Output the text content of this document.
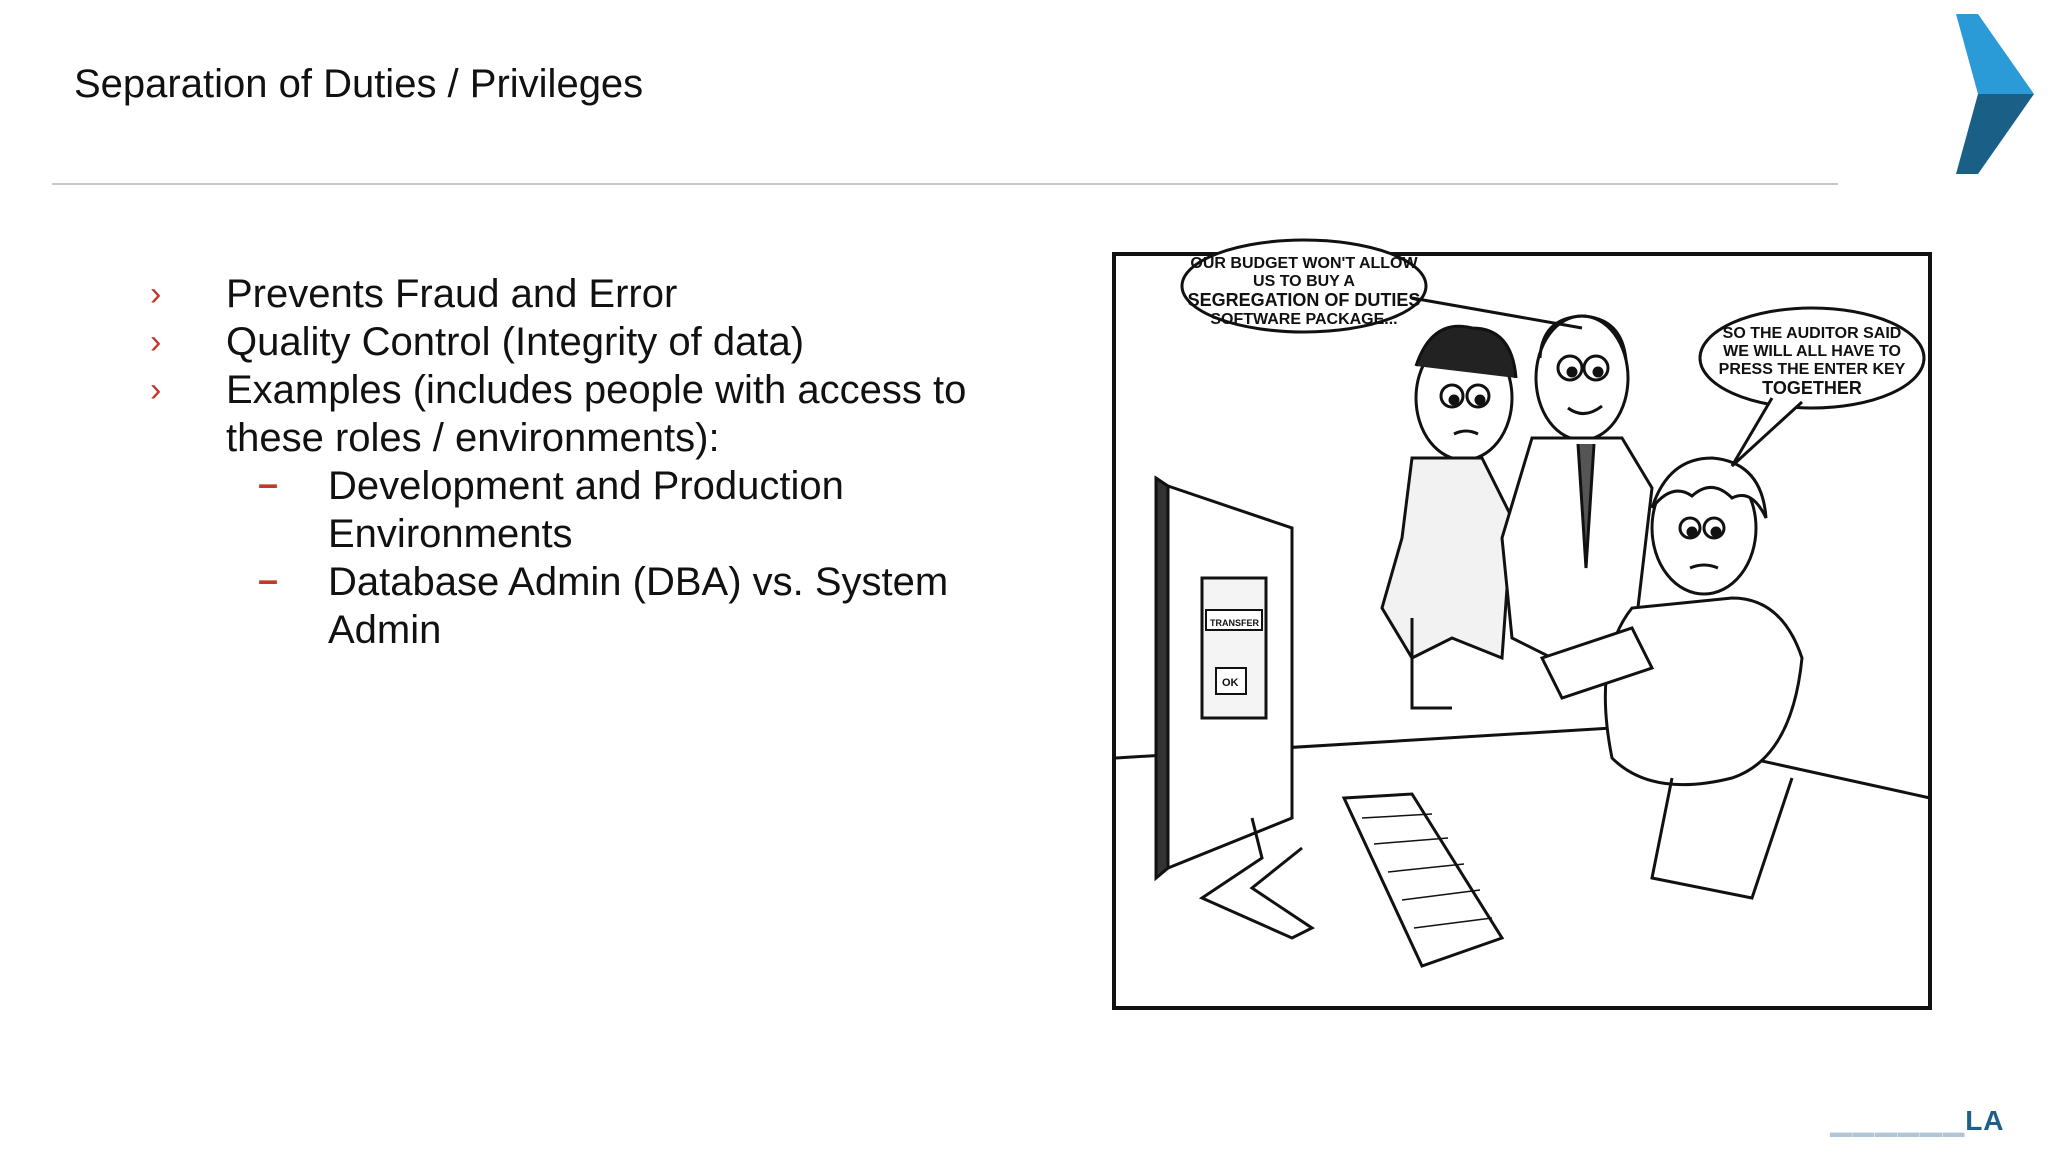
Separation of Duties / Privileges
› Prevents Fraud and Error
› Quality Control (Integrity of data)
› Examples (includes people with access to these roles / environments):
– Development and Production Environments
– Database Admin (DBA) vs. System Admin	TRANSFER
OK
OUR BUDGET WON'T ALLOW
US TO BUY A
SEGREGATION OF DUTIES
SOFTWARE PACKAGE...
SO THE AUDITOR SAID
WE WILL ALL HAVE TO
PRESS THE ENTER KEY
TOGETHER
▁▁▁▁▁▁LA
